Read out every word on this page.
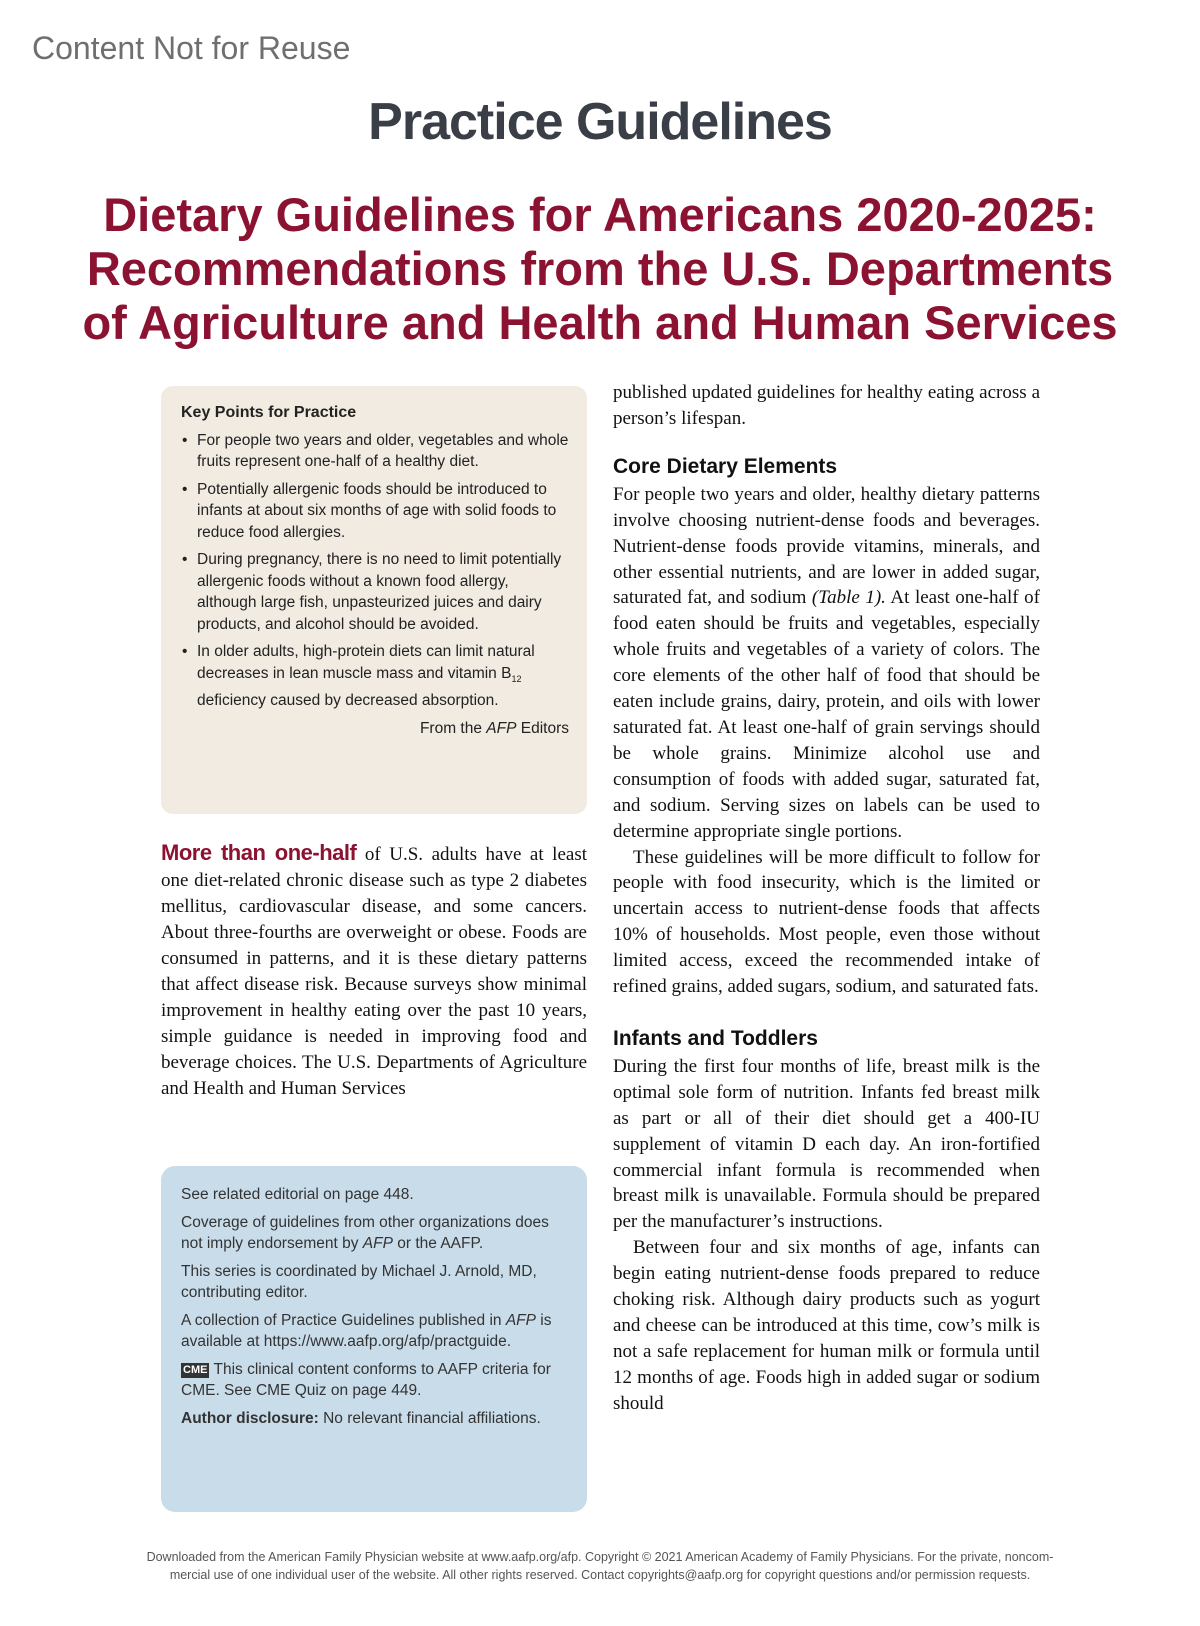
Content Not for Reuse
Practice Guidelines
Dietary Guidelines for Americans 2020-2025:
Recommendations from the U.S. Departments
of Agriculture and Health and Human Services
Key Points for Practice
• For people two years and older, vegetables and whole fruits represent one-half of a healthy diet.
• Potentially allergenic foods should be introduced to infants at about six months of age with solid foods to reduce food allergies.
• During pregnancy, there is no need to limit potentially allergenic foods without a known food allergy, although large fish, unpasteurized juices and dairy products, and alcohol should be avoided.
• In older adults, high-protein diets can limit natural decreases in lean muscle mass and vitamin $B_{12}$ deficiency caused by decreased absorption.
From the AFP Editors

More than one-half of U.S. adults have at least one diet-related chronic disease such as type 2 diabetes mellitus, cardiovascular disease, and some cancers. About three-fourths are overweight or obese. Foods are consumed in patterns, and it is these dietary patterns that affect disease risk. Because surveys show minimal improvement in healthy eating over the past 10 years, simple guidance is needed in improving food and beverage choices. The U.S. Departments of Agriculture and Health and Human Services

See related editorial on page 448.

Coverage of guidelines from other organizations does not imply endorsement by AFP or the AAFP.

This series is coordinated by Michael J. Arnold, MD, contributing editor.

A collection of Practice Guidelines published in AFP is available at https://www.aafp.org/afp/practguide.

CME This clinical content conforms to AAFP criteria for CME. See CME Quiz on page 449.

Author disclosure: No relevant financial affiliations.

published updated guidelines for healthy eating across a person’s lifespan.

Core Dietary Elements

For people two years and older, healthy dietary patterns involve choosing nutrient-dense foods and beverages. Nutrient-dense foods provide vitamins, minerals, and other essential nutrients, and are lower in added sugar, saturated fat, and sodium (Table 1). At least one-half of food eaten should be fruits and vegetables, especially whole fruits and vegetables of a variety of colors. The core elements of the other half of food that should be eaten include grains, dairy, protein, and oils with lower saturated fat. At least one-half of grain servings should be whole grains. Minimize alcohol use and consumption of foods with added sugar, saturated fat, and sodium. Serving sizes on labels can be used to determine appropriate single portions.

These guidelines will be more difficult to follow for people with food insecurity, which is the limited or uncertain access to nutrient-dense foods that affects 10% of households. Most people, even those without limited access, exceed the recommended intake of refined grains, added sugars, sodium, and saturated fats.

Infants and Toddlers

During the first four months of life, breast milk is the optimal sole form of nutrition. Infants fed breast milk as part or all of their diet should get a 400-IU supplement of vitamin D each day. An iron-fortified commercial infant formula is recommended when breast milk is unavailable. Formula should be prepared per the manufacturer’s instructions.

Between four and six months of age, infants can begin eating nutrient-dense foods prepared to reduce choking risk. Although dairy products such as yogurt and cheese can be introduced at this time, cow’s milk is not a safe replacement for human milk or formula until 12 months of age. Foods high in added sugar or sodium should

Downloaded from the American Family Physician website at www.aafp.org/afp. Copyright © 2021 American Academy of Family Physicians. For the private, noncom-
mercial use of one individual user of the website. All other rights reserved. Contact copyrights@aafp.org for copyright questions and/or permission requests.
